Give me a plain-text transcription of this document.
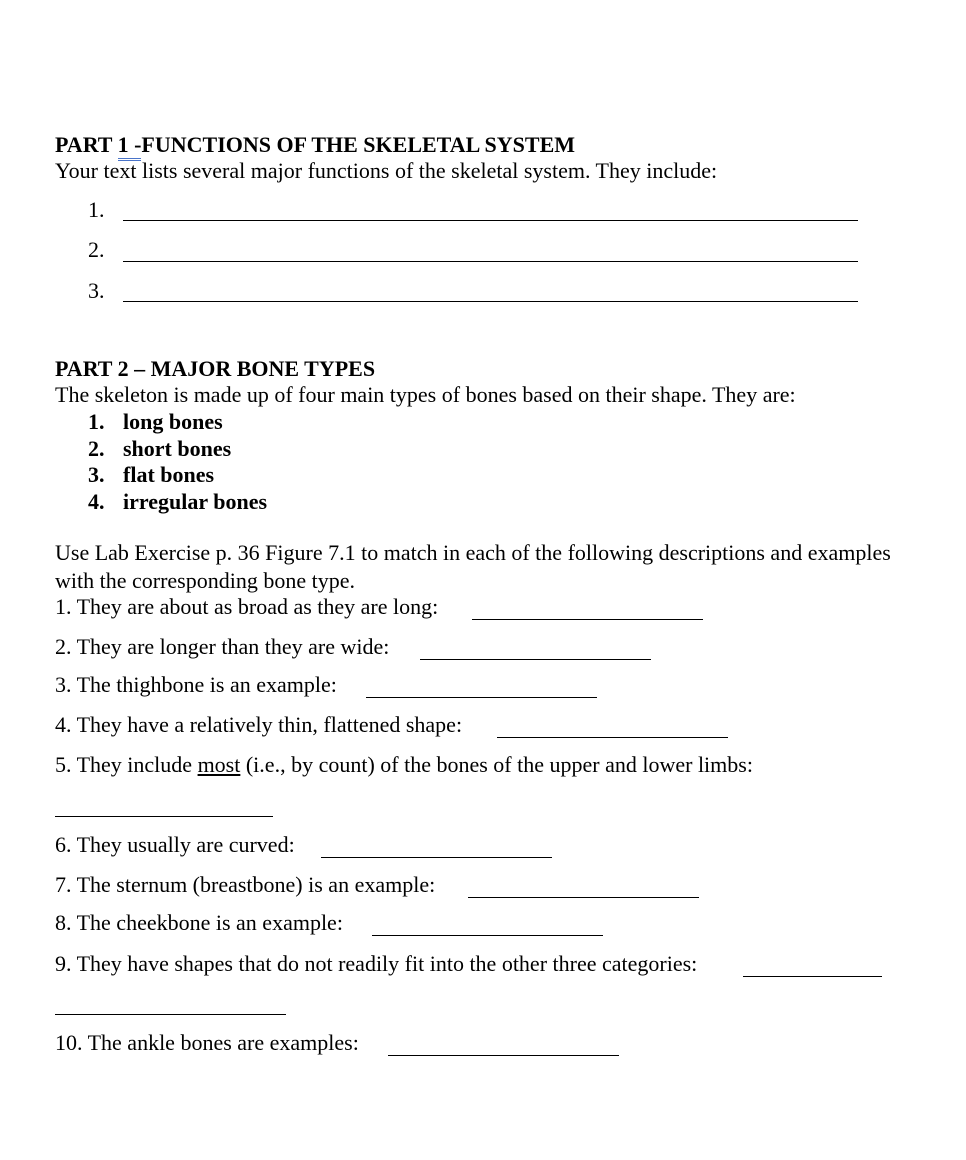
PART 1 -FUNCTIONS OF THE SKELETAL SYSTEM
Your text lists several major functions of the skeletal system. They include:
1.
2.
3.
PART 2 – MAJOR BONE TYPES
The skeleton is made up of four main types of bones based on their shape. They are:
1. long bones
2. short bones
3. flat bones
4. irregular bones
Use Lab Exercise p. 36 Figure 7.1 to match in each of the following descriptions and examples
with the corresponding bone type.
1. They are about as broad as they are long:
2. They are longer than they are wide:
3. The thighbone is an example:
4. They have a relatively thin, flattened shape:
5. They include most (i.e., by count) of the bones of the upper and lower limbs:
6. They usually are curved:
7. The sternum (breastbone) is an example:
8. The cheekbone is an example:
9. They have shapes that do not readily fit into the other three categories:
10. The ankle bones are examples:
